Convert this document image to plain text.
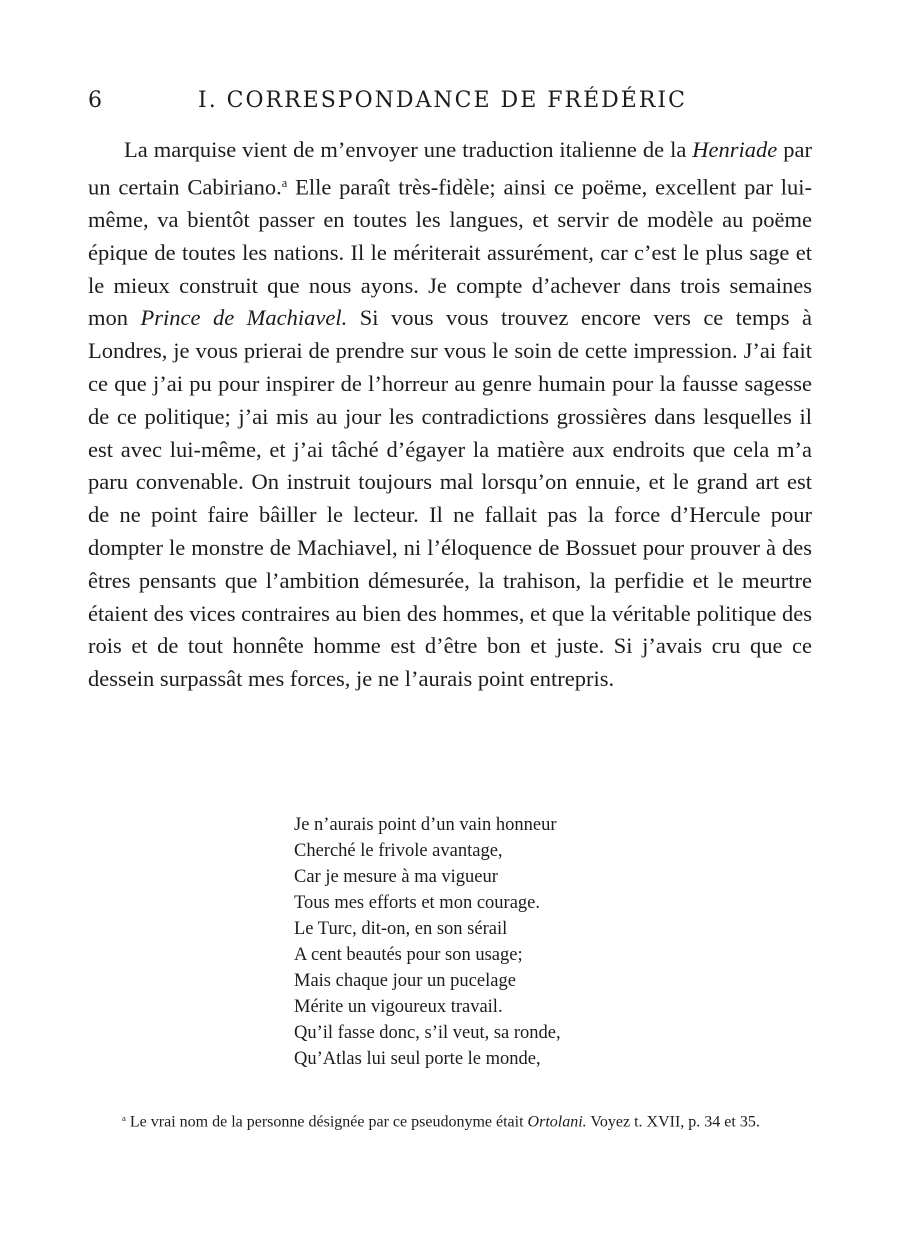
6	I. CORRESPONDANCE DE FRÉDÉRIC

La marquise vient de m’envoyer une traduction italienne de la Henriade par un certain Cabiriano.$^a$ Elle paraît très-fidèle; ainsi ce poëme, excellent par lui-même, va bientôt passer en toutes les langues, et servir de modèle au poëme épique de toutes les nations. Il le mériterait assurément, car c’est le plus sage et le mieux construit que nous ayons. Je compte d’achever dans trois semaines mon Prince de Machiavel. Si vous vous trouvez encore vers ce temps à Londres, je vous prierai de prendre sur vous le soin de cette impression. J’ai fait ce que j’ai pu pour inspirer de l’horreur au genre humain pour la fausse sagesse de ce politique; j’ai mis au jour les contradictions grossières dans lesquelles il est avec lui-même, et j’ai tâché d’égayer la matière aux endroits que cela m’a paru convenable. On instruit toujours mal lorsqu’on ennuie, et le grand art est de ne point faire bâiller le lecteur. Il ne fallait pas la force d’Hercule pour dompter le monstre de Machiavel, ni l’éloquence de Bossuet pour prouver à des êtres pensants que l’ambition démesurée, la trahison, la perfidie et le meurtre étaient des vices contraires au bien des hommes, et que la véritable politique des rois et de tout honnête homme est d’être bon et juste. Si j’avais cru que ce dessein surpassât mes forces, je ne l’aurais point entrepris.

Je n’aurais point d’un vain honneur
Cherché le frivole avantage,
Car je mesure à ma vigueur
Tous mes efforts et mon courage.
Le Turc, dit-on, en son sérail
A cent beautés pour son usage;
Mais chaque jour un pucelage
Mérite un vigoureux travail.
Qu’il fasse donc, s’il veut, sa ronde,
Qu’Atlas lui seul porte le monde,

$^a$ Le vrai nom de la personne désignée par ce pseudonyme était Ortolani. Voyez t. XVII, p. 34 et 35.
